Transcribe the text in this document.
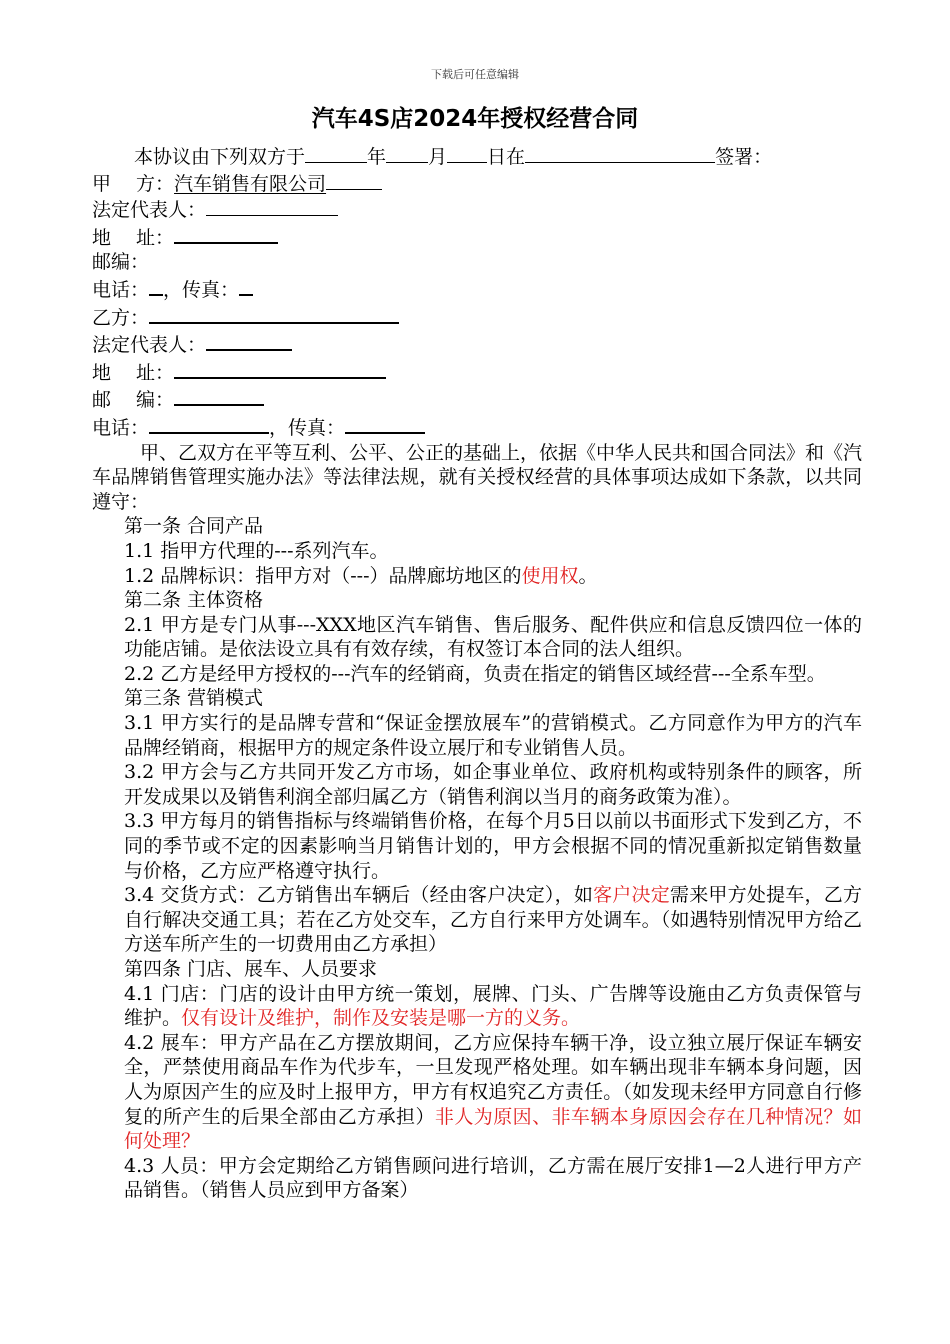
下载后可任意编辑
汽车4S店2024年授权经营合同
本协议由下列双方于	年 月 日在	签署：
甲　 方：汽车销售有限公司
法定代表人：
地　 址：
邮编：
电话： ，传真：
乙方：
法定代表人：
地　 址：
邮　 编：
电话：	，传真：
甲、乙双方在平等互利、公平、公正的基础上，依据《中华人民共和国合同法》和《汽车品牌销售管理实施办法》等法律法规，就有关授权经营的具体事项达成如下条款，以共同遵守：
第一条 合同产品
1.1 指甲方代理的---系列汽车。
1.2 品牌标识：指甲方对（---）品牌廊坊地区的使用权。
第二条 主体资格
2.1 甲方是专门从事---XXX地区汽车销售、售后服务、配件供应和信息反馈四位一体的功能店铺。是依法设立具有有效存续，有权签订本合同的法人组织。
2.2 乙方是经甲方授权的---汽车的经销商，负责在指定的销售区域经营---全系车型。
第三条 营销模式
3.1 甲方实行的是品牌专营和“保证金摆放展车”的营销模式。乙方同意作为甲方的汽车品牌经销商，根据甲方的规定条件设立展厅和专业销售人员。
3.2 甲方会与乙方共同开发乙方市场，如企事业单位、政府机构或特别条件的顾客，所开发成果以及销售利润全部归属乙方（销售利润以当月的商务政策为准）。
3.3 甲方每月的销售指标与终端销售价格，在每个月5日以前以书面形式下发到乙方，不同的季节或不定的因素影响当月销售计划的，甲方会根据不同的情况重新拟定销售数量与价格，乙方应严格遵守执行。
3.4 交货方式：乙方销售出车辆后（经由客户决定），如客户决定需来甲方处提车，乙方自行解决交通工具；若在乙方处交车，乙方自行来甲方处调车。（如遇特别情况甲方给乙方送车所产生的一切费用由乙方承担）
第四条 门店、展车、人员要求
4.1 门店：门店的设计由甲方统一策划，展牌、门头、广告牌等设施由乙方负责保管与维护。仅有设计及维护，制作及安装是哪一方的义务。
4.2 展车：甲方产品在乙方摆放期间，乙方应保持车辆干净，设立独立展厅保证车辆安全，严禁使用商品车作为代步车，一旦发现严格处理。如车辆出现非车辆本身问题，因人为原因产生的应及时上报甲方，甲方有权追究乙方责任。（如发现未经甲方同意自行修复的所产生的后果全部由乙方承担）非人为原因、非车辆本身原因会存在几种情况？如何处理？
4.3 人员：甲方会定期给乙方销售顾问进行培训，乙方需在展厅安排1—2人进行甲方产品销售。（销售人员应到甲方备案）
